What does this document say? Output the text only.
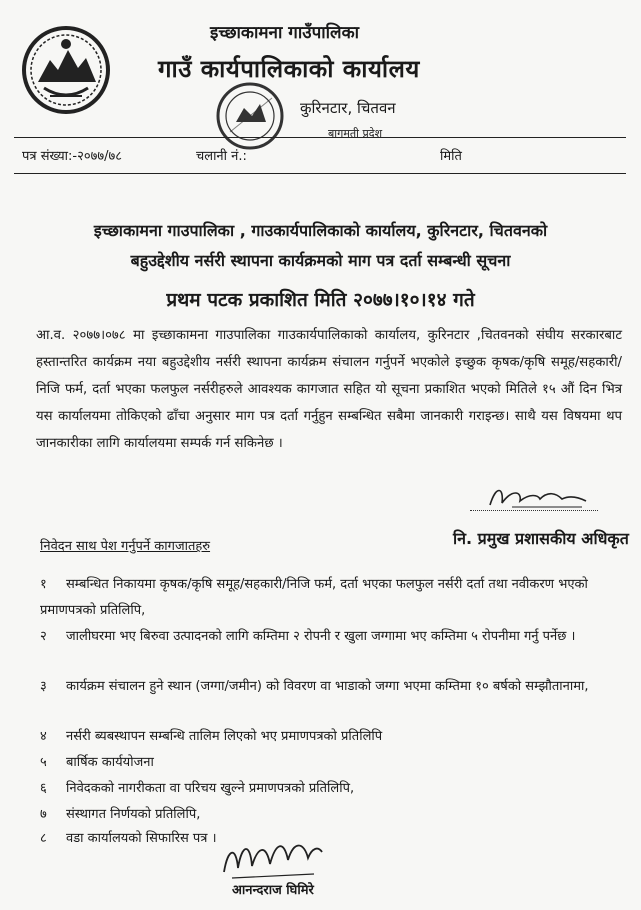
इच्छाकामना गाउँपालिका
गाउँ कार्यपालिकाको कार्यालय
कुरिनटार, चितवन
बागमती प्रदेश
पत्र संख्या:-२०७७/७८	चलानी नं.:	मिति
इच्छाकामना गाउपालिका , गाउकार्यपालिकाको कार्यालय, कुरिनटार, चितवनको
बहुउद्देशीय नर्सरी स्थापना कार्यक्रमको माग पत्र दर्ता सम्बन्धी सूचना
प्रथम पटक प्रकाशित मिति २०७७।१०।१४ गते
आ.व. २०७७।०७८ मा इच्छाकामना गाउपालिका गाउकार्यपालिकाको कार्यालय, कुरिनटार ,चितवनको संघीय सरकारबाट हस्तान्तरित कार्यक्रम नया बहुउद्देशीय नर्सरी स्थापना कार्यक्रम संचालन गर्नुपर्ने भएकोले इच्छुक कृषक/कृषि समूह/सहकारी/निजि फर्म, दर्ता भएका फलफुल नर्सरीहरुले आवश्यक कागजात सहित यो सूचना प्रकाशित भएको मितिले १५ औं दिन भित्र यस कार्यालयमा तोकिएको ढाँचा अनुसार माग पत्र दर्ता गर्नुहुन सम्बन्धित सबैमा जानकारी गराइन्छ। साथै यस विषयमा थप जानकारीका लागि कार्यालयमा सम्पर्क गर्न सकिनेछ ।
नि. प्रमुख प्रशासकीय अधिकृत
निवेदन साथ पेश गर्नुपर्ने कागजातहरु
१ सम्बन्धित निकायमा कृषक/कृषि समूह/सहकारी/निजि फर्म, दर्ता भएका फलफुल नर्सरी दर्ता तथा नवीकरण भएको प्रमाणपत्रको प्रतिलिपि,
२ जालीघरमा भए बिरुवा उत्पादनको लागि कम्तिमा २ रोपनी र खुला जग्गामा भए कम्तिमा ५ रोपनीमा गर्नु पर्नेछ ।
३ कार्यक्रम संचालन हुने स्थान (जग्गा/जमीन) को विवरण वा भाडाको जग्गा भएमा कम्तिमा १० बर्षको सम्झौतानामा,
४ नर्सरी ब्यबस्थापन सम्बन्धि तालिम लिएको भए प्रमाणपत्रको प्रतिलिपि
५ बार्षिक कार्ययोजना
६ निवेदकको नागरीकता वा परिचय खुल्ने प्रमाणपत्रको प्रतिलिपि,
७ संस्थागत निर्णयको प्रतिलिपि,
८ वडा कार्यालयको सिफारिस पत्र ।
आनन्दराज घिमिरे
